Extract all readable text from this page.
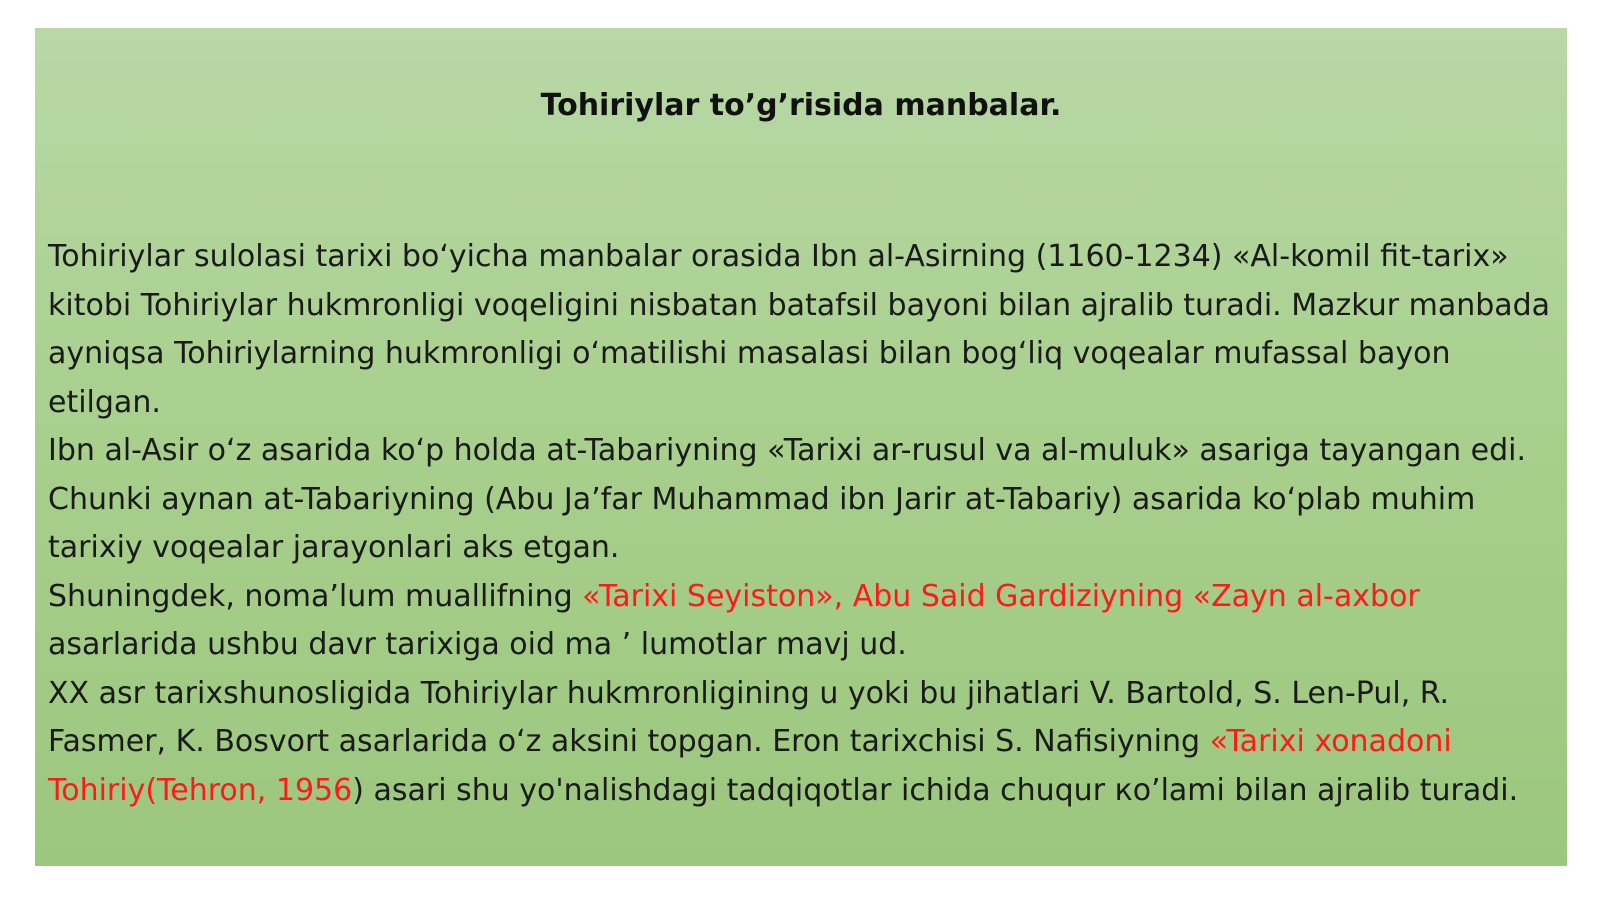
Tohiriylar to’g’risida manbalar.

Tohiriylar sulolasi tarixi bo‘yicha manbalar orasida Ibn al-Asirning (1160-1234) «Al-komil fit-tarix» kitobi Tohiriylar hukmronligi voqeligini nisbatan batafsil bayoni bilan ajralib turadi. Mazkur manbada ayniqsa Tohiriylarning hukmronligi o‘matilishi masalasi bilan bog‘liq voqealar mufassal bayon etilgan.

Ibn al-Asir o‘z asarida ko‘p holda at-Tabariyning «Tarixi ar-rusul va al-muluk» asariga tayangan edi. Chunki aynan at-Tabariyning (Abu Ja’far Muhammad ibn Jarir at-Tabariy) asarida ko‘plab muhim tarixiy voqealar jarayonlari aks etgan.

Shuningdek, noma’lum muallifning «Tarixi Seyiston», Abu Said Gardiziyning «Zayn al-axbor asarlarida ushbu davr tarixiga oid ma ’ lumotlar mavj ud.

XX asr tarixshunosligida Tohiriylar hukmronligining u yoki bu jihatlari V. Bartold, S. Len-Pul, R. Fasmer, K. Bosvort asarlarida o‘z aksini topgan. Eron tarixchisi S. Nafisiyning «Tarixi xonadoni Tohiriy(Tehron, 1956) asari shu yo'nalishdagi tadqiqotlar ichida chuqur кo’lami bilan ajralib turadi.
